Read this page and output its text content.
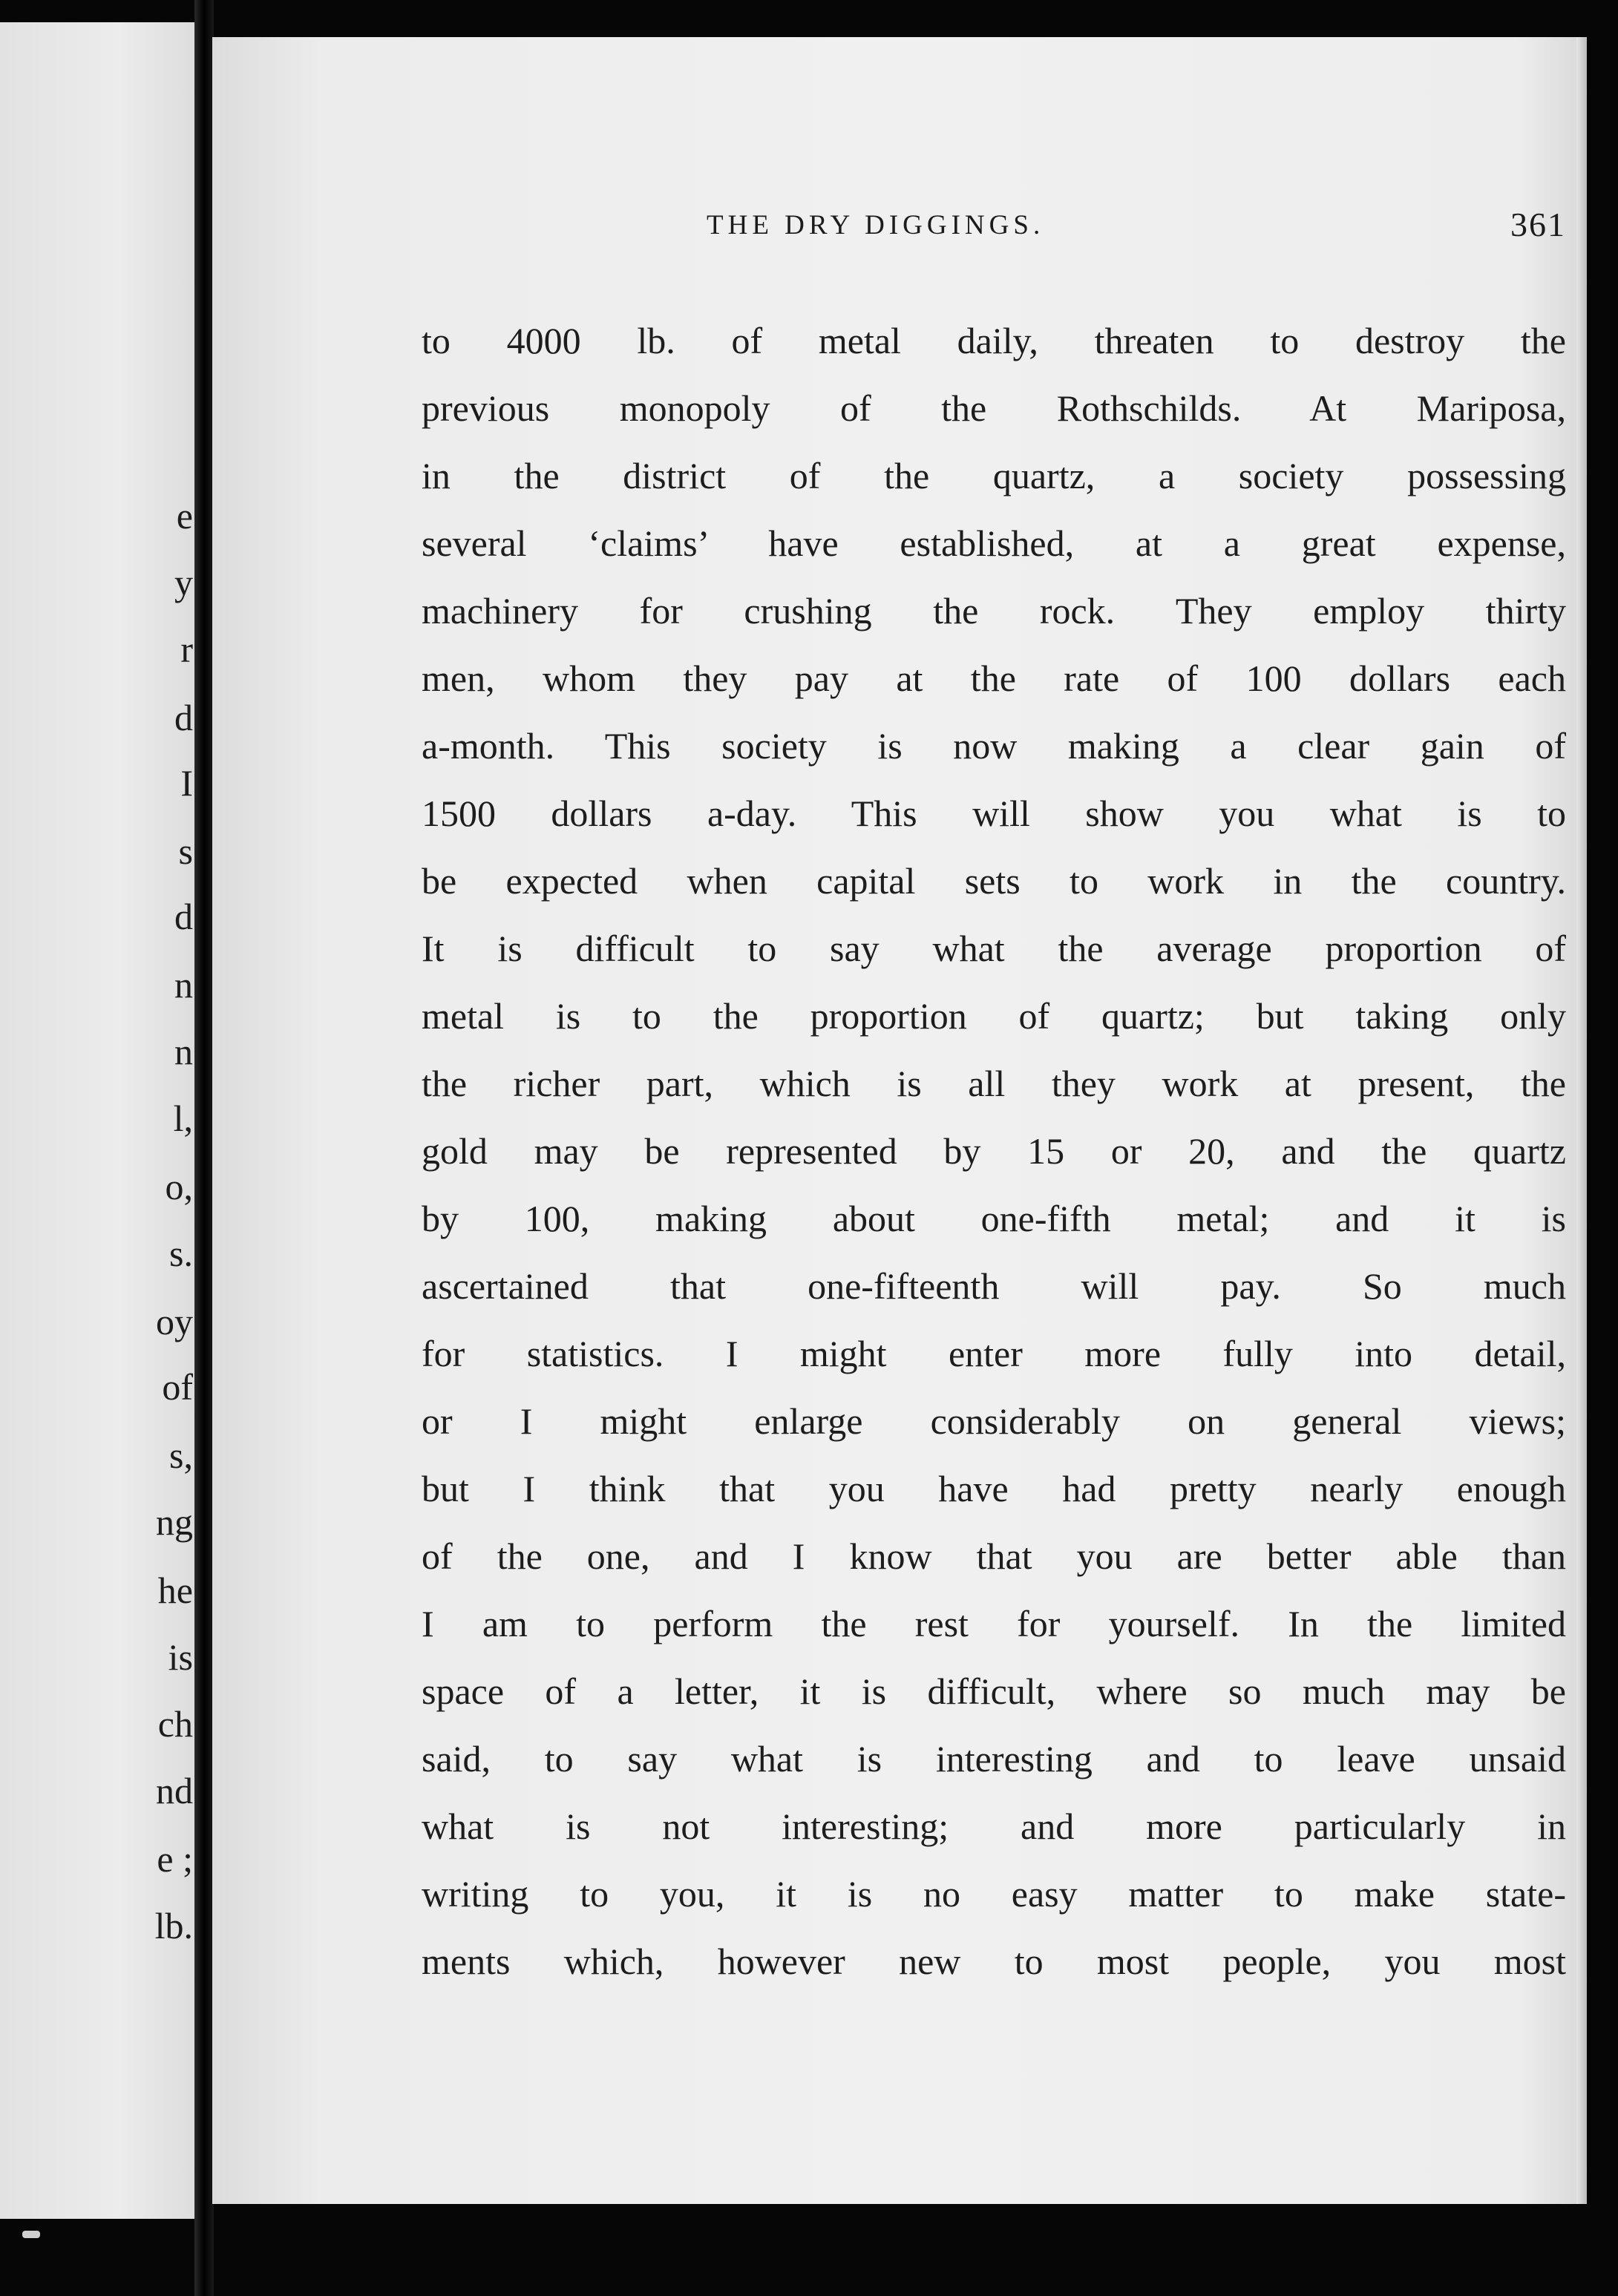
e
y
r
d
I
s
d
n
n
l,
o,
s.
oy
of
s,
ng
he
is
ch
nd
e ;
lb.
THE DRY DIGGINGS.	361
to 4000 lb. of metal daily, threaten to destroy the
previous monopoly of the Rothschilds. At Mariposa,
in the district of the quartz, a society possessing
several ‘claims’ have established, at a great expense,
machinery for crushing the rock. They employ thirty
men, whom they pay at the rate of 100 dollars each
a-month. This society is now making a clear gain of
1500 dollars a-day. This will show you what is to
be expected when capital sets to work in the country.
It is difficult to say what the average proportion of
metal is to the proportion of quartz; but taking only
the richer part, which is all they work at present, the
gold may be represented by 15 or 20, and the quartz
by 100, making about one-fifth metal; and it is
ascertained that one-fifteenth will pay. So much
for statistics. I might enter more fully into detail,
or I might enlarge considerably on general views;
but I think that you have had pretty nearly enough
of the one, and I know that you are better able than
I am to perform the rest for yourself. In the limited
space of a letter, it is difficult, where so much may be
said, to say what is interesting and to leave unsaid
what is not interesting; and more particularly in
writing to you, it is no easy matter to make state-
ments which, however new to most people, you most
